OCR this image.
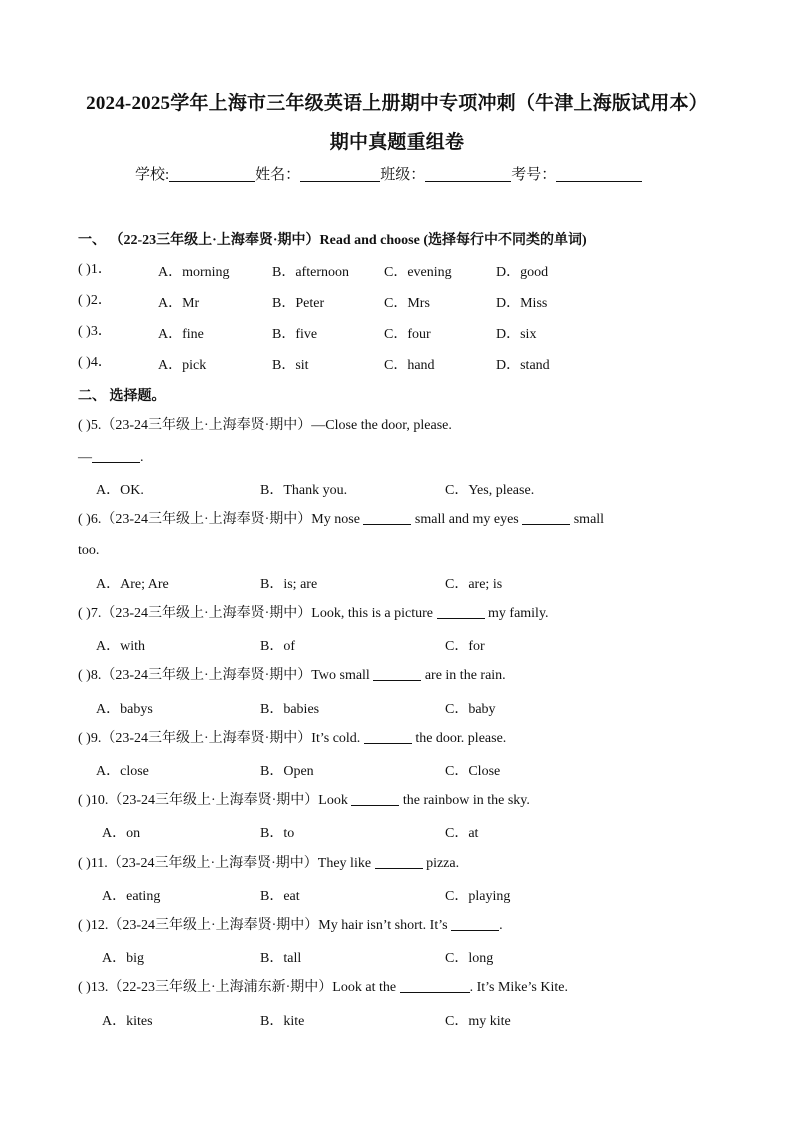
2024-2025学年上海市三年级英语上册期中专项冲刺（牛津上海版试用本）
期中真题重组卷
学校:	姓名：	班级：	考号：
一、 （22-23三年级上·上海奉贤·期中）Read and choose (选择每行中不同类的单词)
( )1．	A．morning	B．afternoon	C．evening	D．good
( )2．	A．Mr	B．Peter	C．Mrs	D．Miss
( )3．	A．fine	B．five	C．four	D．six
( )4．	A．pick	B．sit	C．hand	D．stand
二、 选择题。
( )5.（23-24三年级上·上海奉贤·期中）—Close the door, please.
—	.
A．OK.	B．Thank you.	C．Yes, please.
( )6.（23-24三年级上·上海奉贤·期中）My nose	small and my eyes	small
too.
A．Are; Are	B．is; are	C．are; is
( )7.（23-24三年级上·上海奉贤·期中）Look, this is a picture	my family.
A．with	B．of	C．for
( )8.（23-24三年级上·上海奉贤·期中）Two small	are in the rain.
A．babys	B．babies	C．baby
( )9.（23-24三年级上·上海奉贤·期中）It’s cold.	the door. please.
A．close	B．Open	C．Close
( )10.（23-24三年级上·上海奉贤·期中）Look	the rainbow in the sky.
A．on	B．to	C．at
( )11.（23-24三年级上·上海奉贤·期中）They like	pizza.
A．eating	B．eat	C．playing
( )12.（23-24三年级上·上海奉贤·期中）My hair isn’t short. It’s	.
A．big	B．tall	C．long
( )13.（22-23三年级上·上海浦东新·期中）Look at the	. It’s Mike’s Kite.
A．kites	B．kite	C．my kite
